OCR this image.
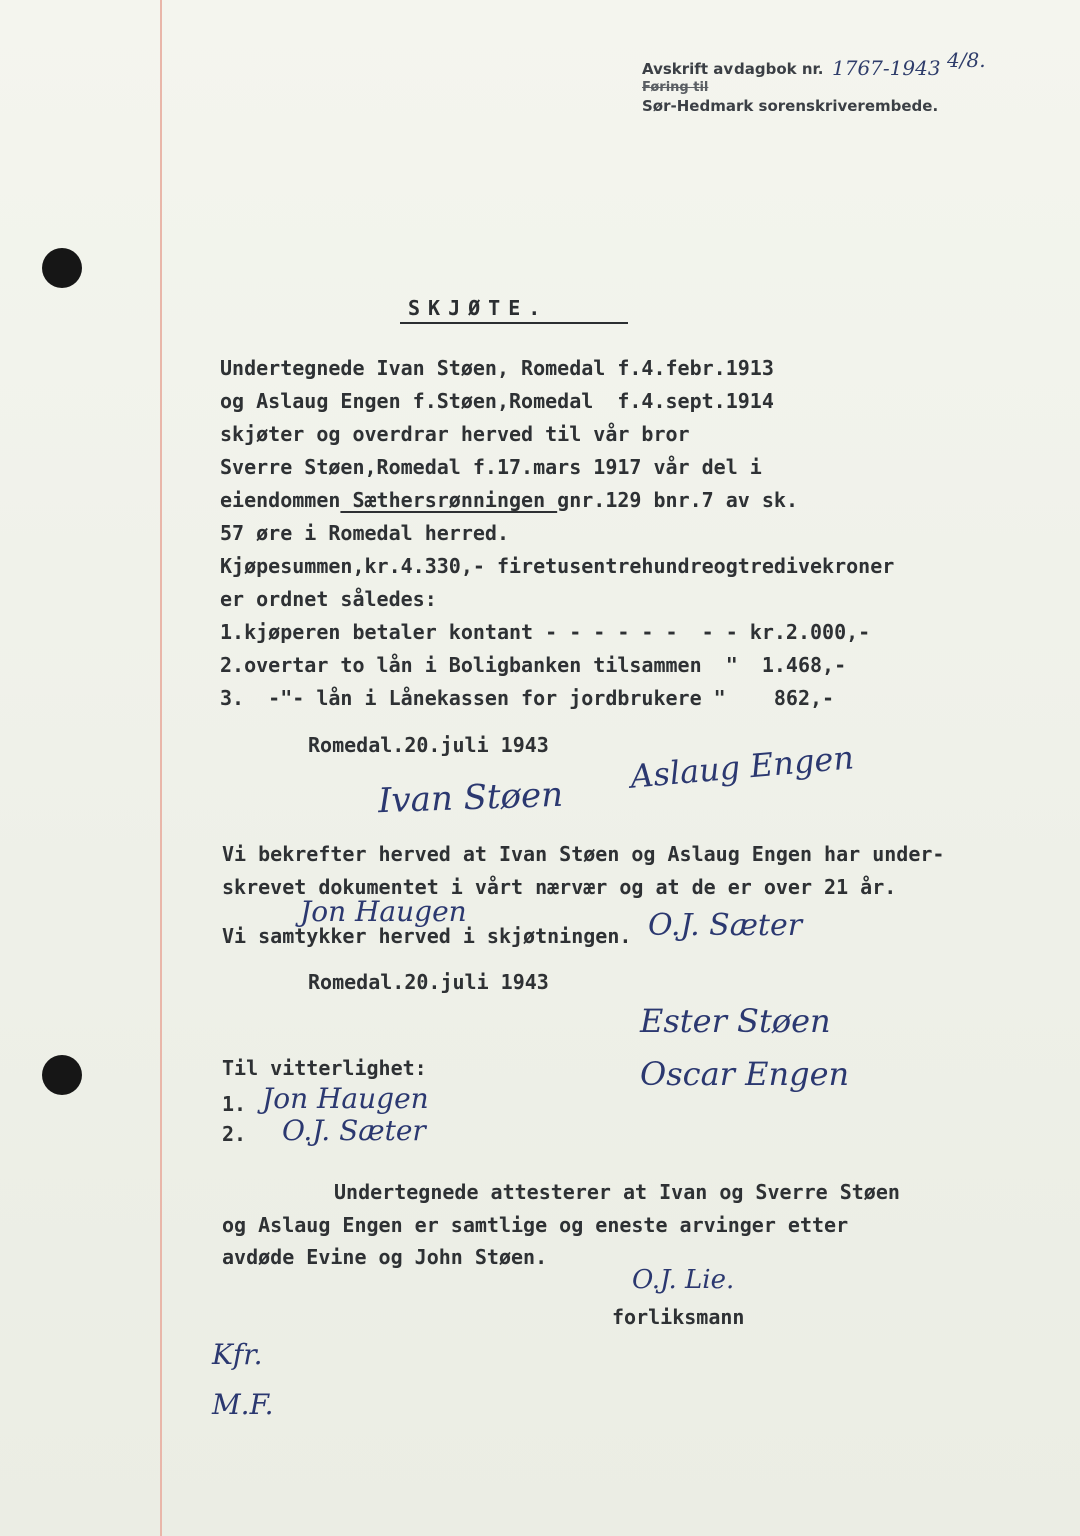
Avskrift av dagbok nr. 1767-1943 4/8.
Føring til
Sør-Hedmark sorenskriverembede.
SKJØTE.
Undertegnede Ivan Støen, Romedal f.4.febr.1913
og Aslaug Engen f.Støen,Romedal  f.4.sept.1914
skjøter og overdrar herved til vår bror
Sverre Støen,Romedal f.17.mars 1917 vår del i
eiendommen Sæthersrønningen gnr.129 bnr.7 av sk.
57 øre i Romedal herred.
Kjøpesummen,kr.4.330,- firetusentrehundreogtredivekroner
er ordnet således:
1.kjøperen betaler kontant - - - - - -  - - kr.2.000,-
2.overtar to lån i Boligbanken tilsammen  "  1.468,-
3.  -"- lån i Lånekassen for jordbrukere "    862,-
Romedal.20.juli 1943 Aslaug Engen
Ivan Støen
Vi bekrefter herved at Ivan Støen og Aslaug Engen har under-
skrevet dokumentet i vårt nærvær og at de er over 21 år.
Jon Haugen	O.J. Sæter
Vi samtykker herved i skjøtningen.
Romedal.20.juli 1943
Ester Støen
Oscar Engen
Til vitterlighet:
1.
2.
Jon Haugen
O.J. Sæter
Undertegnede attesterer at Ivan og Sverre Støen
og Aslaug Engen er samtlige og eneste arvinger etter
avdøde Evine og John Støen.
O.J. Lie.
forliksmann
Kfr.
M.F.
